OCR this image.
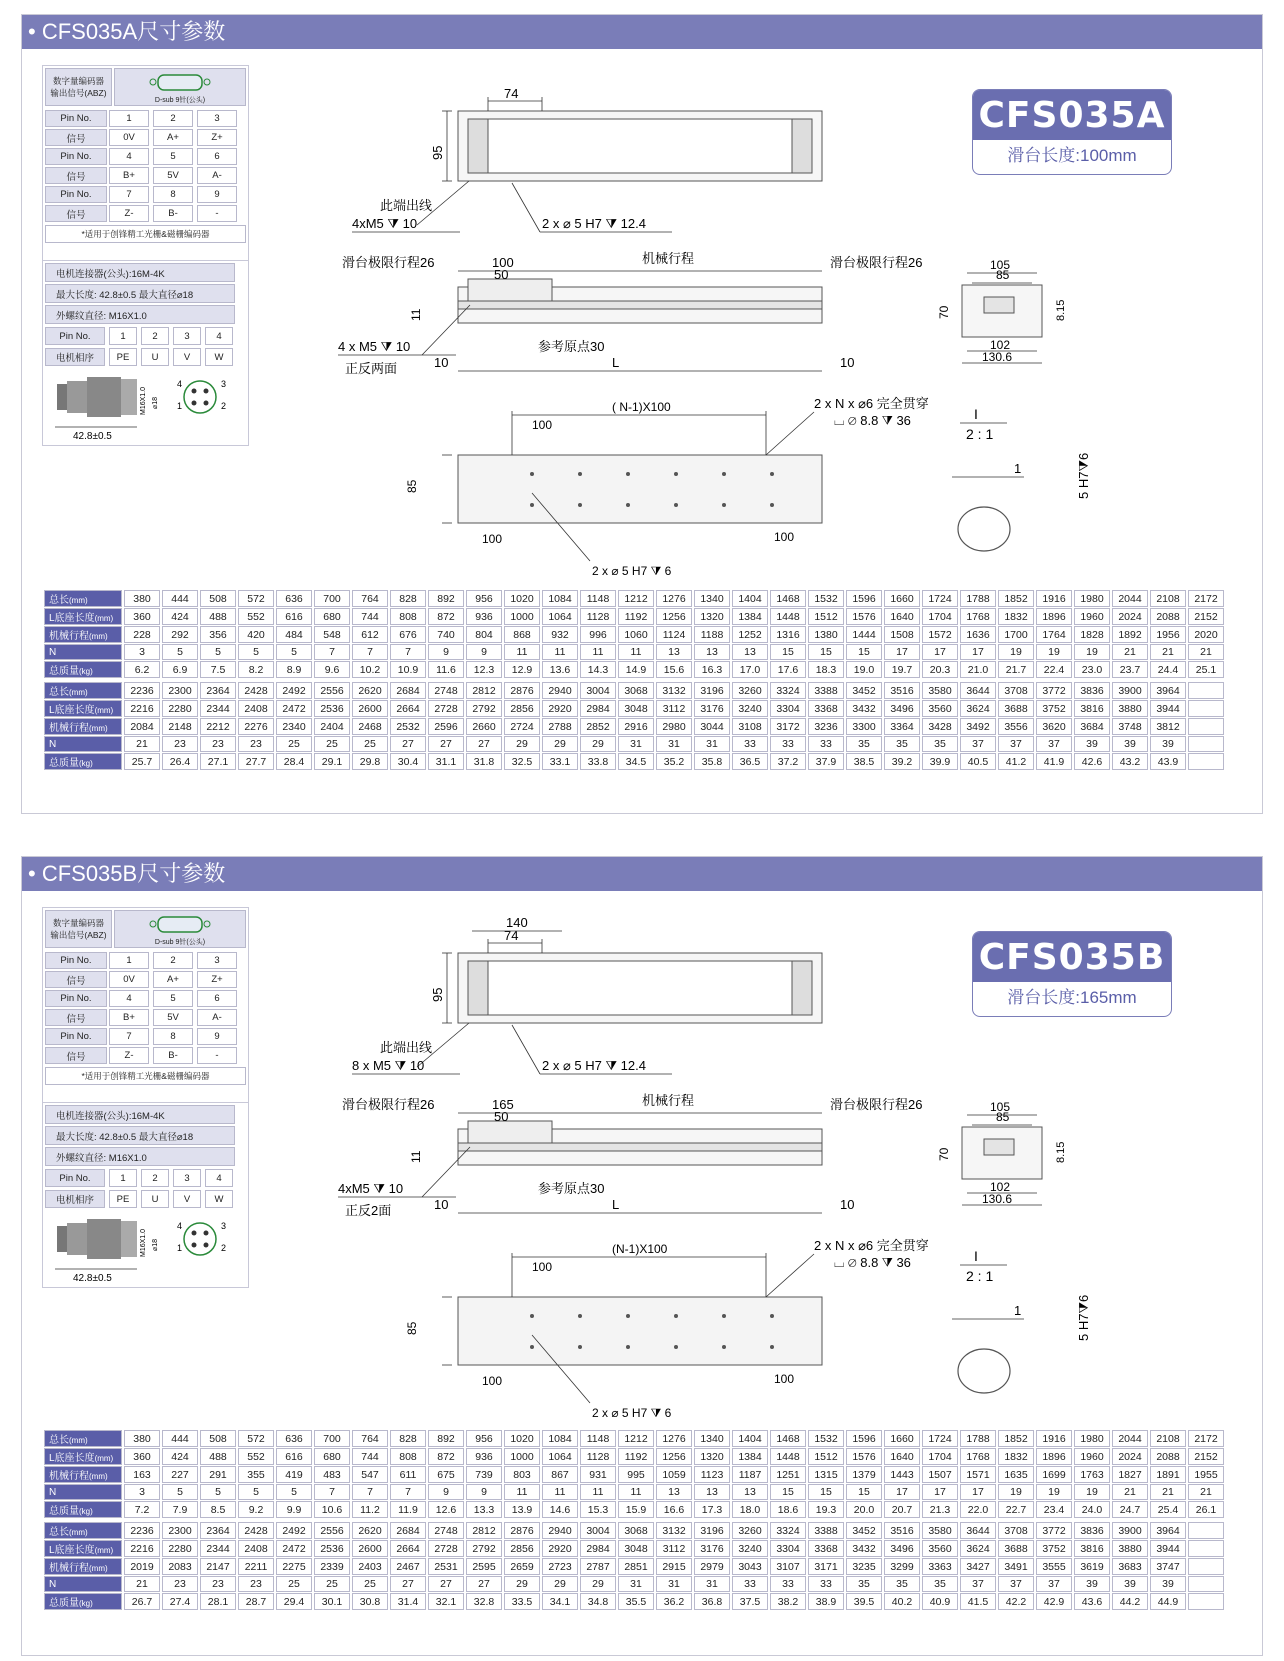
• CFS035A尺寸参数
数字量编码器
输出信号(ABZ)
D-sub 9针(公头)
Pin No.	1	2	3
信号	0V	A+	Z+
Pin No.	4	5	6
信号	B+	5V	A-
Pin No.	7	8	9
信号	Z-	B-	-
*适用于创锋精工光栅&磁栅编码器
电机连接器(公头):16M-4K
最大长度: 42.8±0.5 最大直径⌀18
外螺纹直径: M16X1.0
Pin No.	1	2	3	4
电机相序	PE	U	V	W
42.8±0.5
M16X1.0 ⌀18
4	3
1	2
CFS035A
滑台长度:100mm
74
95
此端出线
4xM5 ⧩ 10	2 x ⌀ 5 H7 ⧩ 12.4
滑台极限行程26	滑台极限行程26
100
50
机械行程
11
4 x M5 ⧩ 10	参考原点30
正反两面	10	L	10
105
85
70	8.15
102
130.6
( N-1)X100
100
2 x N x ⌀6 完全贯穿
⌴ ⌀ 8.8 ⧩ 36
85
100	100
2 x ⌀ 5 H7 ⧩ 6
I
2 : 1
1	5 H7⧩6
总长(mm)	380	444	508	572	636	700	764	828	892	956	1020	1084	1148	1212	1276	1340	1404	1468	1532	1596	1660	1724	1788	1852	1916	1980	2044	2108	2172
L底座长度(mm)	360	424	488	552	616	680	744	808	872	936	1000	1064	1128	1192	1256	1320	1384	1448	1512	1576	1640	1704	1768	1832	1896	1960	2024	2088	2152
机械行程(mm)	228	292	356	420	484	548	612	676	740	804	868	932	996	1060	1124	1188	1252	1316	1380	1444	1508	1572	1636	1700	1764	1828	1892	1956	2020
N	3	5	5	5	5	7	7	7	9	9	11	11	11	11	13	13	13	15	15	15	17	17	17	19	19	19	21	21	21
总质量(kg)	6.2	6.9	7.5	8.2	8.9	9.6	10.2	10.9	11.6	12.3	12.9	13.6	14.3	14.9	15.6	16.3	17.0	17.6	18.3	19.0	19.7	20.3	21.0	21.7	22.4	23.0	23.7	24.4	25.1

总长(mm)	2236	2300	2364	2428	2492	2556	2620	2684	2748	2812	2876	2940	3004	3068	3132	3196	3260	3324	3388	3452	3516	3580	3644	3708	3772	3836	3900	3964	
L底座长度(mm)	2216	2280	2344	2408	2472	2536	2600	2664	2728	2792	2856	2920	2984	3048	3112	3176	3240	3304	3368	3432	3496	3560	3624	3688	3752	3816	3880	3944	
机械行程(mm)	2084	2148	2212	2276	2340	2404	2468	2532	2596	2660	2724	2788	2852	2916	2980	3044	3108	3172	3236	3300	3364	3428	3492	3556	3620	3684	3748	3812	
N	21	23	23	23	25	25	25	27	27	27	29	29	29	31	31	31	33	33	33	35	35	35	37	37	37	39	39	39	
总质量(kg)	25.7	26.4	27.1	27.7	28.4	29.1	29.8	30.4	31.1	31.8	32.5	33.1	33.8	34.5	35.2	35.8	36.5	37.2	37.9	38.5	39.2	39.9	40.5	41.2	41.9	42.6	43.2	43.9	
• CFS035B尺寸参数
数字量编码器
输出信号(ABZ)
D-sub 9针(公头)
Pin No.	1	2	3
信号	0V	A+	Z+
Pin No.	4	5	6
信号	B+	5V	A-
Pin No.	7	8	9
信号	Z-	B-	-
*适用于创锋精工光栅&磁栅编码器
电机连接器(公头):16M-4K
最大长度: 42.8±0.5 最大直径⌀18
外螺纹直径: M16X1.0
Pin No.	1	2	3	4
电机相序	PE	U	V	W
42.8±0.5
M16X1.0 ⌀18
4	3
1	2
CFS035B
滑台长度:165mm
74
140
95
此端出线
8 x M5 ⧩ 10	2 x ⌀ 5 H7 ⧩ 12.4
滑台极限行程26	滑台极限行程26
165
50
机械行程
11
4xM5 ⧩ 10	参考原点30
正反2面	10	L	10
105
85
70	8.15
102
130.6
(N-1)X100
100
2 x N x ⌀6 完全贯穿
⌴ ⌀ 8.8 ⧩ 36
85
100	100
2 x ⌀ 5 H7 ⧩ 6
I
2 : 1
1	5 H7⧩6
总长(mm)	380	444	508	572	636	700	764	828	892	956	1020	1084	1148	1212	1276	1340	1404	1468	1532	1596	1660	1724	1788	1852	1916	1980	2044	2108	2172
L底座长度(mm)	360	424	488	552	616	680	744	808	872	936	1000	1064	1128	1192	1256	1320	1384	1448	1512	1576	1640	1704	1768	1832	1896	1960	2024	2088	2152
机械行程(mm)	163	227	291	355	419	483	547	611	675	739	803	867	931	995	1059	1123	1187	1251	1315	1379	1443	1507	1571	1635	1699	1763	1827	1891	1955
N	3	5	5	5	5	7	7	7	9	9	11	11	11	11	13	13	13	15	15	15	17	17	17	19	19	19	21	21	21
总质量(kg)	7.2	7.9	8.5	9.2	9.9	10.6	11.2	11.9	12.6	13.3	13.9	14.6	15.3	15.9	16.6	17.3	18.0	18.6	19.3	20.0	20.7	21.3	22.0	22.7	23.4	24.0	24.7	25.4	26.1

总长(mm)	2236	2300	2364	2428	2492	2556	2620	2684	2748	2812	2876	2940	3004	3068	3132	3196	3260	3324	3388	3452	3516	3580	3644	3708	3772	3836	3900	3964	
L底座长度(mm)	2216	2280	2344	2408	2472	2536	2600	2664	2728	2792	2856	2920	2984	3048	3112	3176	3240	3304	3368	3432	3496	3560	3624	3688	3752	3816	3880	3944	
机械行程(mm)	2019	2083	2147	2211	2275	2339	2403	2467	2531	2595	2659	2723	2787	2851	2915	2979	3043	3107	3171	3235	3299	3363	3427	3491	3555	3619	3683	3747	
N	21	23	23	23	25	25	25	27	27	27	29	29	29	31	31	31	33	33	33	35	35	35	37	37	37	39	39	39	
总质量(kg)	26.7	27.4	28.1	28.7	29.4	30.1	30.8	31.4	32.1	32.8	33.5	34.1	34.8	35.5	36.2	36.8	37.5	38.2	38.9	39.5	40.2	40.9	41.5	42.2	42.9	43.6	44.2	44.9	
